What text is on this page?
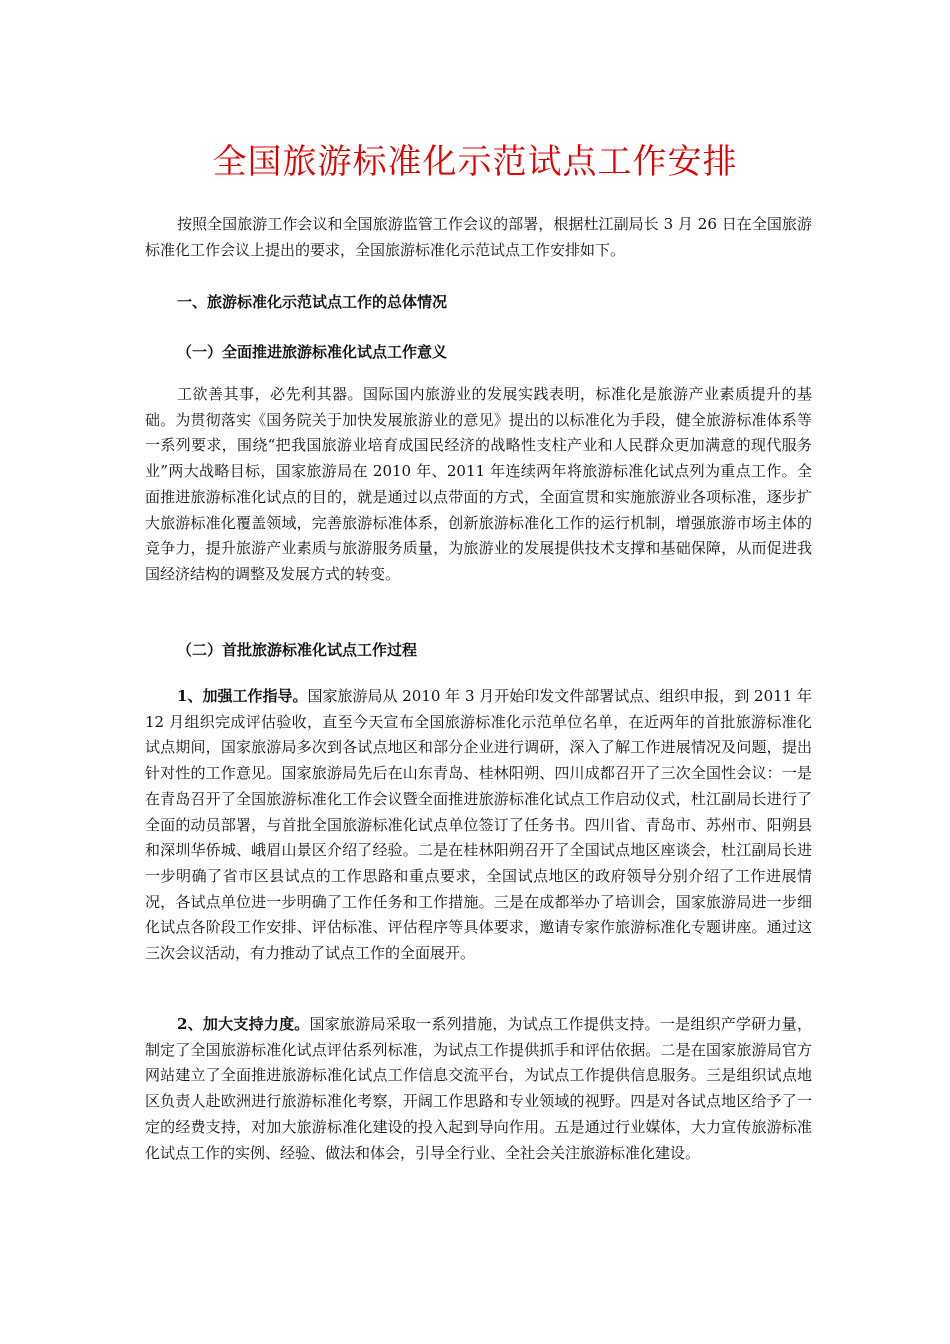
全国旅游标准化示范试点工作安排

按照全国旅游工作会议和全国旅游监管工作会议的部署，根据杜江副局长 3 月 26 日在全国旅游标准化工作会议上提出的要求，全国旅游标准化示范试点工作安排如下。

一、旅游标准化示范试点工作的总体情况

（一）全面推进旅游标准化试点工作意义

工欲善其事，必先利其器。国际国内旅游业的发展实践表明，标准化是旅游产业素质提升的基础。为贯彻落实《国务院关于加快发展旅游业的意见》提出的以标准化为手段，健全旅游标准体系等一系列要求，围绕“把我国旅游业培育成国民经济的战略性支柱产业和人民群众更加满意的现代服务业”两大战略目标，国家旅游局在 2010 年、2011 年连续两年将旅游标准化试点列为重点工作。全面推进旅游标准化试点的目的，就是通过以点带面的方式，全面宣贯和实施旅游业各项标准，逐步扩大旅游标准化覆盖领域，完善旅游标准体系，创新旅游标准化工作的运行机制，增强旅游市场主体的竞争力，提升旅游产业素质与旅游服务质量，为旅游业的发展提供技术支撑和基础保障，从而促进我国经济结构的调整及发展方式的转变。

（二）首批旅游标准化试点工作过程

1、加强工作指导。国家旅游局从 2010 年 3 月开始印发文件部署试点、组织申报，到 2011 年 12 月组织完成评估验收，直至今天宣布全国旅游标准化示范单位名单，在近两年的首批旅游标准化试点期间，国家旅游局多次到各试点地区和部分企业进行调研，深入了解工作进展情况及问题，提出针对性的工作意见。国家旅游局先后在山东青岛、桂林阳朔、四川成都召开了三次全国性会议：一是在青岛召开了全国旅游标准化工作会议暨全面推进旅游标准化试点工作启动仪式，杜江副局长进行了全面的动员部署，与首批全国旅游标准化试点单位签订了任务书。四川省、青岛市、苏州市、阳朔县和深圳华侨城、峨眉山景区介绍了经验。二是在桂林阳朔召开了全国试点地区座谈会，杜江副局长进一步明确了省市区县试点的工作思路和重点要求，全国试点地区的政府领导分别介绍了工作进展情况，各试点单位进一步明确了工作任务和工作措施。三是在成都举办了培训会，国家旅游局进一步细化试点各阶段工作安排、评估标准、评估程序等具体要求，邀请专家作旅游标准化专题讲座。通过这三次会议活动，有力推动了试点工作的全面展开。

2、加大支持力度。国家旅游局采取一系列措施，为试点工作提供支持。一是组织产学研力量，制定了全国旅游标准化试点评估系列标准，为试点工作提供抓手和评估依据。二是在国家旅游局官方网站建立了全面推进旅游标准化试点工作信息交流平台，为试点工作提供信息服务。三是组织试点地区负责人赴欧洲进行旅游标准化考察，开阔工作思路和专业领域的视野。四是对各试点地区给予了一定的经费支持，对加大旅游标准化建设的投入起到导向作用。五是通过行业媒体，大力宣传旅游标准化试点工作的实例、经验、做法和体会，引导全行业、全社会关注旅游标准化建设。
